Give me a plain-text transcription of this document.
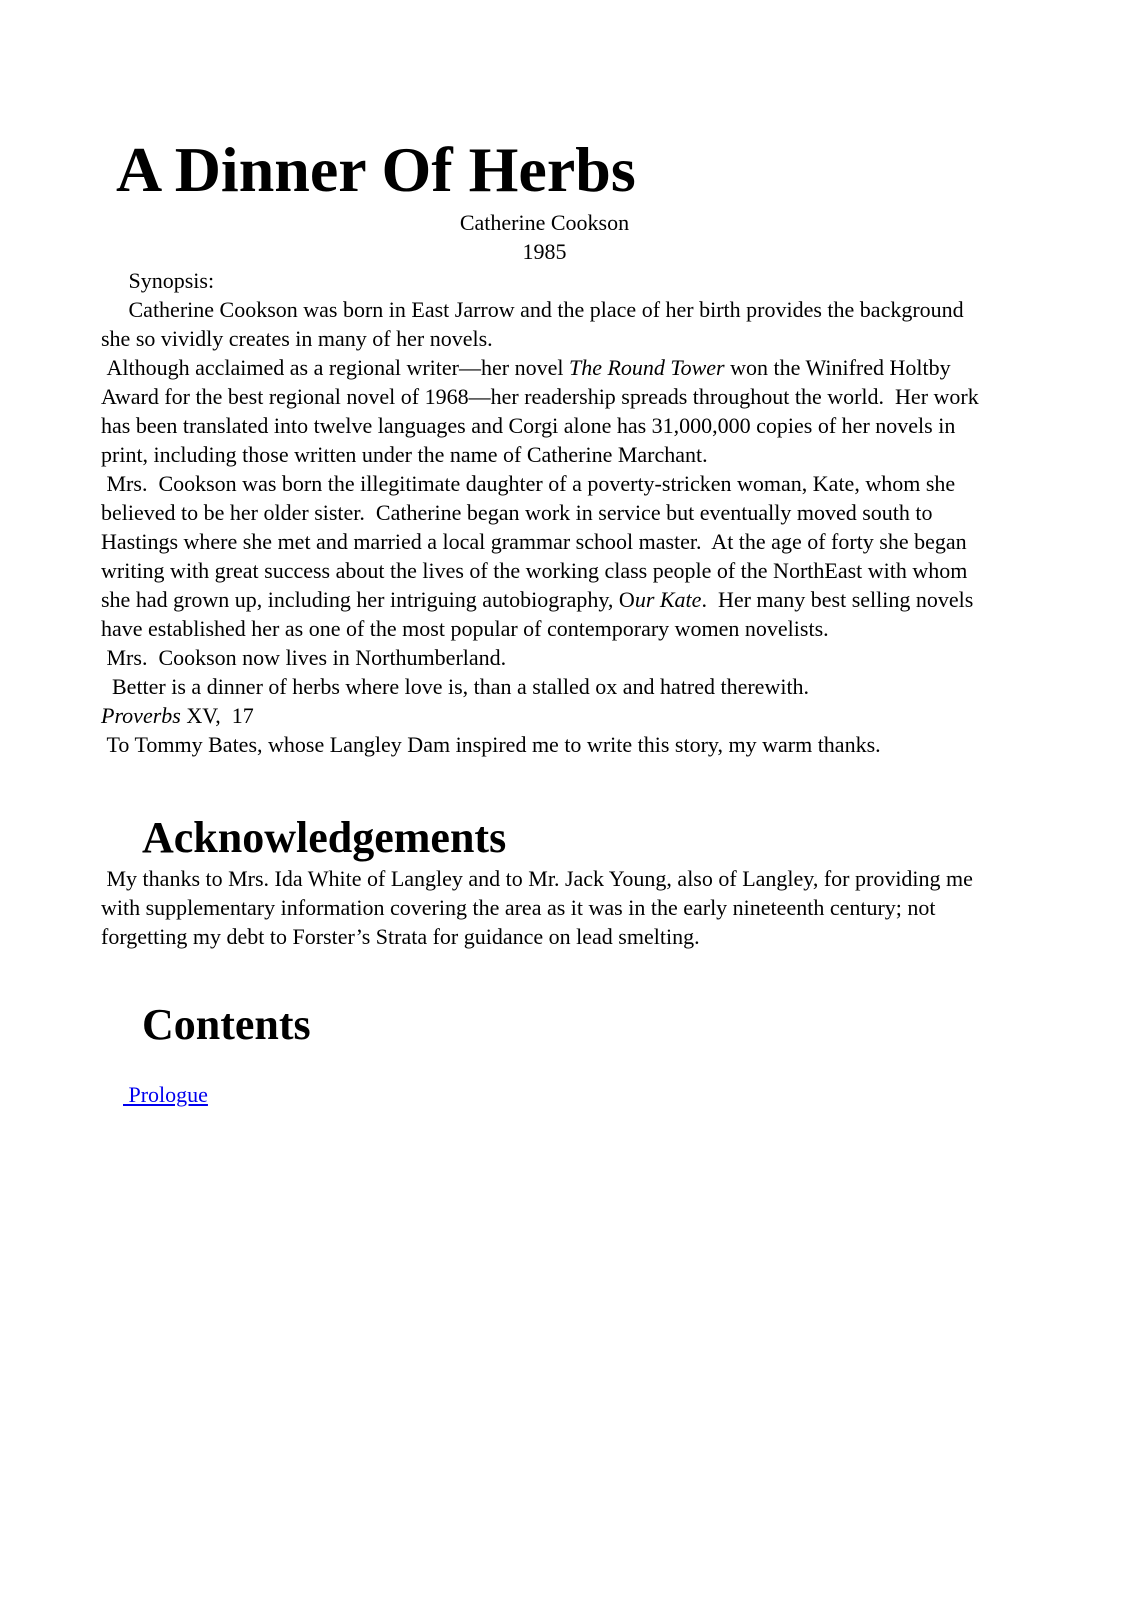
A Dinner Of Herbs

Catherine Cookson

1985

Synopsis:

Catherine Cookson was born in East Jarrow and the place of her birth provides the background she so vividly creates in many of her novels.

Although acclaimed as a regional writer—her novel The Round Tower won the Winifred Holtby Award for the best regional novel of 1968—her readership spreads throughout the world.  Her work has been translated into twelve languages and Corgi alone has 31,000,000 copies of her novels in print, including those written under the name of Catherine Marchant.

Mrs.  Cookson was born the illegitimate daughter of a poverty-stricken woman, Kate, whom she believed to be her older sister.  Catherine began work in service but eventually moved south to Hastings where she met and married a local grammar school master.  At the age of forty she began writing with great success about the lives of the working class people of the NorthEast with whom she had grown up, including her intriguing autobiography, Our Kate.  Her many best selling novels have established her as one of the most popular of contemporary women novelists.

Mrs.  Cookson now lives in Northumberland.

Better is a dinner of herbs where love is, than a stalled ox and hatred therewith.

Proverbs XV,  17

To Tommy Bates, whose Langley Dam inspired me to write this story, my warm thanks.

Acknowledgements

My thanks to Mrs. Ida White of Langley and to Mr. Jack Young, also of Langley, for providing me with supplementary information covering the area as it was in the early nineteenth century; not forgetting my debt to Forster’s Strata for guidance on lead smelting.

Contents

Prologue
